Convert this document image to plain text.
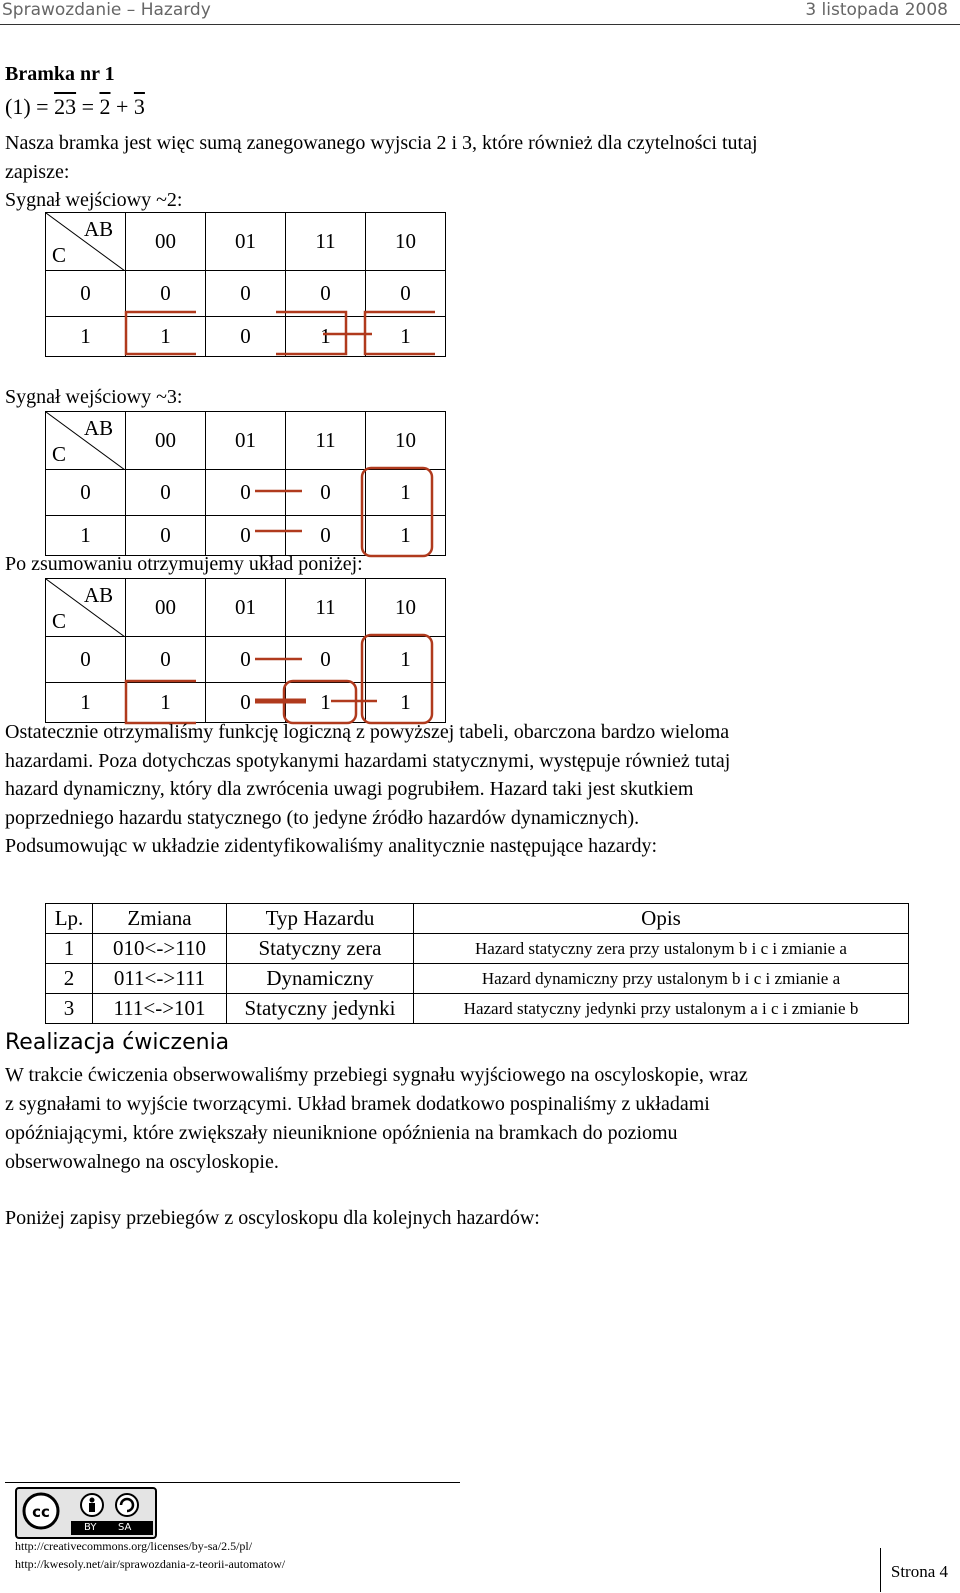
Sprawozdanie – Hazardy	3 listopada 2008
Bramka nr 1
(1) = 23 = 2 + 3
Nasza bramka jest więc sumą zanegowanego wyjscia 2 i 3, które również dla czytelności tutaj
zapisze:
Sygnał wejściowy ~2:
AB
C	00	01	11	10
0	0	0	0	0
1	1	0	1	1
Sygnał wejściowy ~3:
AB
C	00	01	11	10
0	0	0	0	1
1	0	0	0	1
Po zsumowaniu otrzymujemy układ poniżej:
AB
C	00	01	11	10
0	0	0	0	1
1	1	0	1	1
Ostatecznie otrzymaliśmy funkcję logiczną z powyższej tabeli, obarczona bardzo wieloma
hazardami. Poza dotychczas spotykanymi hazardami statycznymi, występuje również tutaj
hazard dynamiczny, który dla zwrócenia uwagi pogrubiłem. Hazard taki jest skutkiem
poprzedniego hazardu statycznego (to jedyne źródło hazardów dynamicznych).
Podsumowując w układzie zidentyfikowaliśmy analitycznie następujące hazardy:
Lp.	Zmiana	Typ Hazardu	Opis
1	010<->110	Statyczny zera	Hazard statyczny zera przy ustalonym b i c i zmianie a
2	011<->111	Dynamiczny	Hazard dynamiczny przy ustalonym b i c i zmianie a
3	111<->101	Statyczny jedynki	Hazard statyczny jedynki przy ustalonym a i c i zmianie b
Realizacja ćwiczenia
W trakcie ćwiczenia obserwowaliśmy przebiegi sygnału wyjściowego na oscyloskopie, wraz
z sygnałami to wyjście tworzącymi. Układ bramek dodatkowo pospinaliśmy z układami
opóźniającymi, które zwiększały nieuniknione opóźnienia na bramkach do poziomu
obserwowalnego na oscyloskopie.
Poniżej zapisy przebiegów z oscyloskopu dla kolejnych hazardów:
cc
BY SA
http://creativecommons.org/licenses/by-sa/2.5/pl/
http://kwesoly.net/air/sprawozdania-z-teorii-automatow/	Strona 4
